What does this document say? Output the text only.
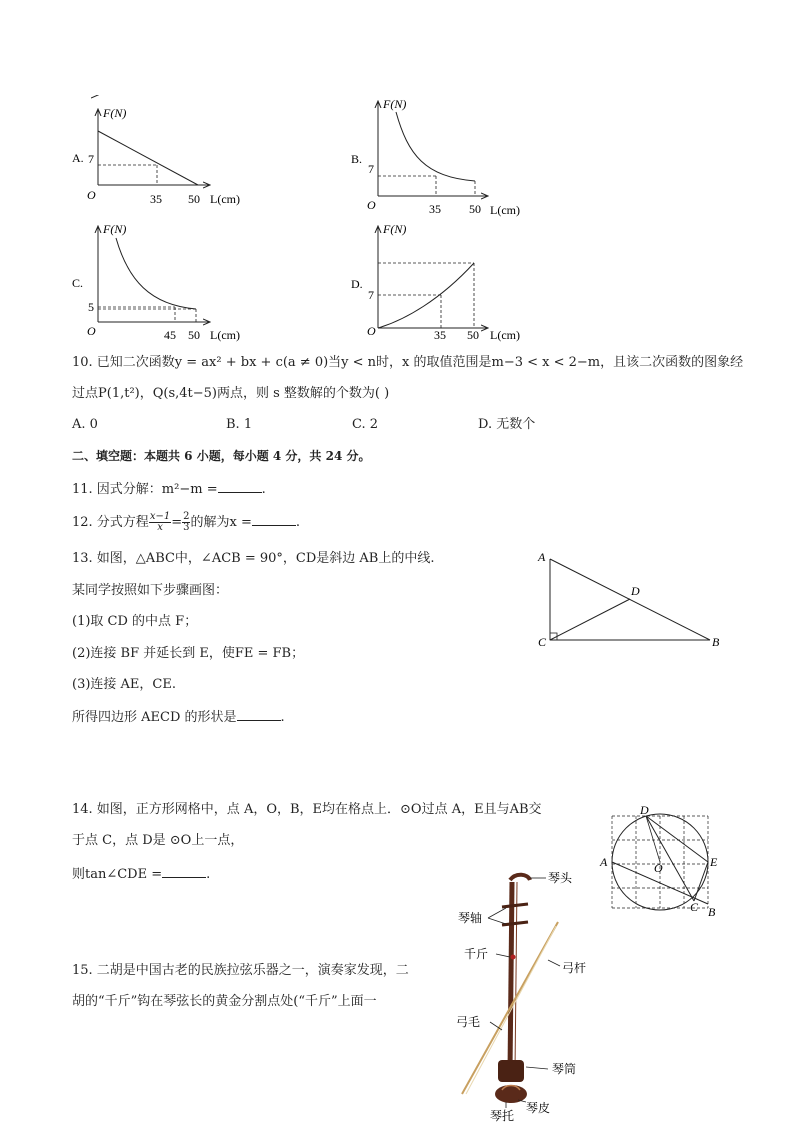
A.
F(N)
L(cm)
O
7
35 50
B.
F(N)
L(cm)
O
7
35 50
C.
F(N)
L(cm)
O
5
45 50
D.
F(N)
L(cm)
O
7
35 50
10. 已知二次函数y = ax² + bx + c(a ≠ 0)当y < n时，x 的取值范围是m−3 < x < 2−m，且该二次函数的图象经
过点P(1,t²)，Q(s,4t−5)两点，则 s 整数解的个数为( )
A. 0	B. 1	C. 2	D. 无数个
二、填空题：本题共 6 小题，每小题 4 分，共 24 分。
11. 因式分解：m²−m =	.
12. 分式方程 $\frac{x-1}{x} = \frac{2}{3}$ 的解为x =	.
13. 如图，△ABC中，∠ACB = 90°，CD是斜边 AB上的中线.
某同学按照如下步骤画图：
(1)取 CD 的中点 F；
(2)连接 BF 并延长到 E，使FE = FB；
(3)连接 AE，CE.
所得四边形 AECD 的形状是	.
A
C	B
D
14. 如图，正方形网格中，点 A，O，B，E均在格点上．⊙O过点 A，E且与AB交
于点 C，点 D是 ⊙O上一点，
则tan∠CDE =	.
A
D
E
O
C B
15. 二胡是中国古老的民族拉弦乐器之一，演奏家发现，二
胡的“千斤”钩在琴弦长的黄金分割点处(“千斤”上面一
琴头
琴轴
千斤
弓杆
弓毛
琴筒
琴托
琴皮
